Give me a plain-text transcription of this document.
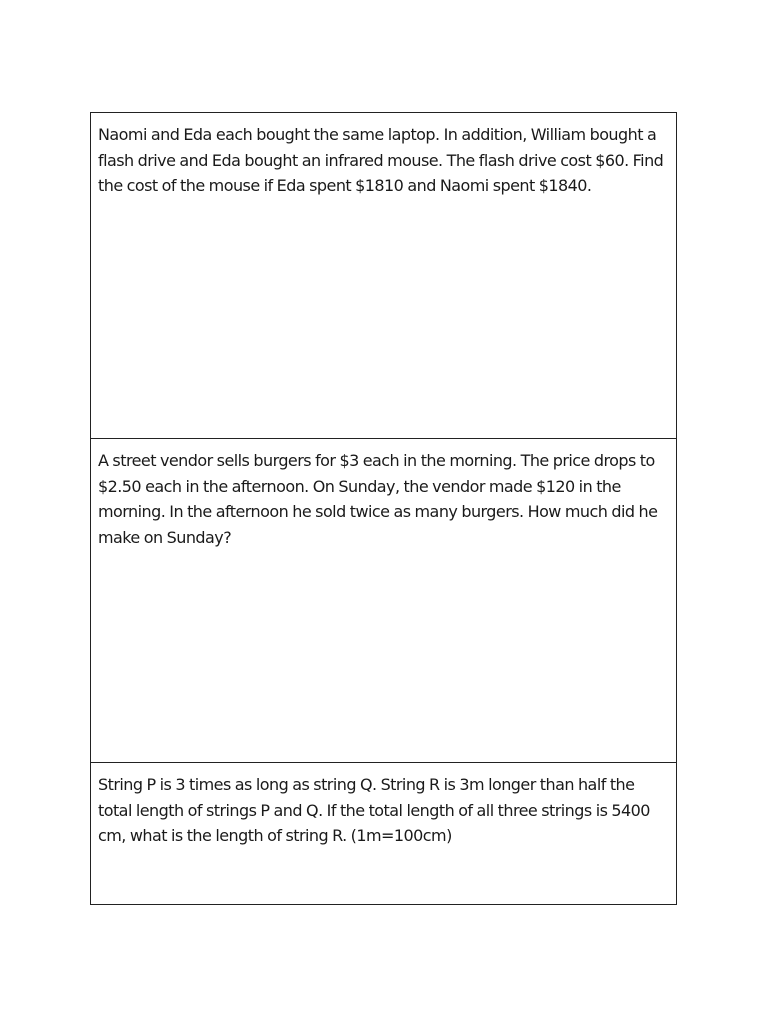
Naomi and Eda each bought the same laptop. In addition, William bought a flash drive and Eda bought an infrared mouse. The flash drive cost $60. Find the cost of the mouse if Eda spent $1810 and Naomi spent $1840.

A street vendor sells burgers for $3 each in the morning. The price drops to $2.50 each in the afternoon. On Sunday, the vendor made $120 in the morning. In the afternoon he sold twice as many burgers. How much did he make on Sunday?

String P is 3 times as long as string Q. String R is 3m longer than half the total length of strings P and Q. If the total length of all three strings is 5400 cm, what is the length of string R. (1m=100cm)
